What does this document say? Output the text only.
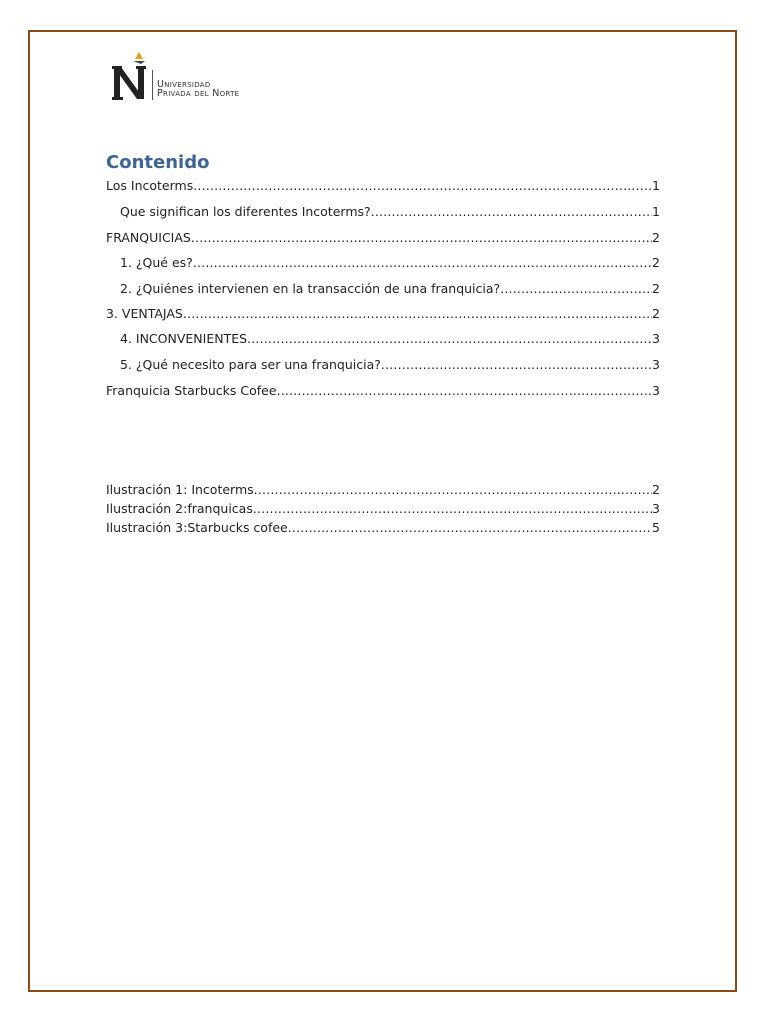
Universidad
Privada del Norte
Contenido
Los Incoterms .....	1
Que significan los diferentes Incoterms? .....	1
FRANQUICIAS .....	2
1. ¿Qué es? .....	2
2. ¿Quiénes intervienen en la transacción de una franquicia? .....	2
3. VENTAJAS .....	2
4. INCONVENIENTES .....	3
5. ¿Qué necesito para ser una franquicia? .....	3
Franquicia Starbucks Cofee .....	3
Ilustración 1: Incoterms .....	2
Ilustración 2:franquicas .....	3
Ilustración 3:Starbucks cofee .....	5
